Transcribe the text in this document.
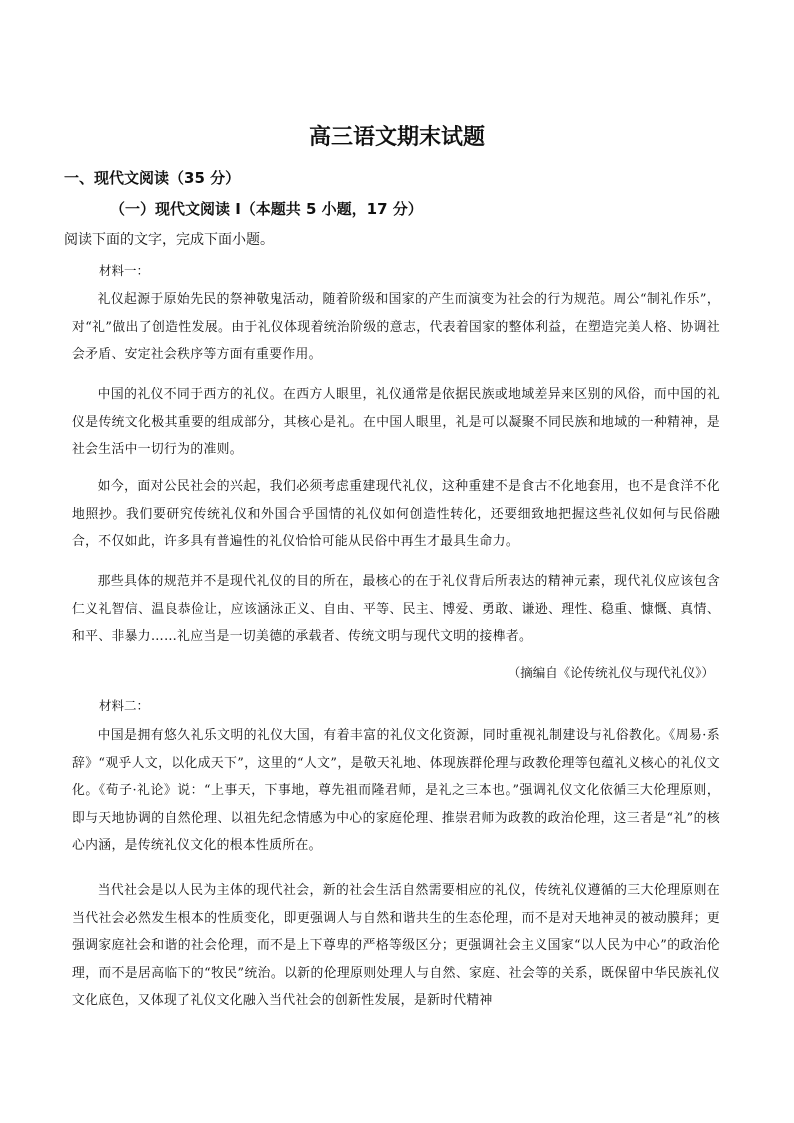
高三语文期末试题
一、现代文阅读（35 分）
（一）现代文阅读 I（本题共 5 小题，17 分）
阅读下面的文字，完成下面小题。
材料一：

礼仪起源于原始先民的祭神敬鬼活动，随着阶级和国家的产生而演变为社会的行为规范。周公“制礼作乐”，对“礼”做出了创造性发展。由于礼仪体现着统治阶级的意志，代表着国家的整体利益，在塑造完美人格、协调社会矛盾、安定社会秩序等方面有重要作用。

中国的礼仪不同于西方的礼仪。在西方人眼里，礼仪通常是依据民族或地域差异来区别的风俗，而中国的礼仪是传统文化极其重要的组成部分，其核心是礼。在中国人眼里，礼是可以凝聚不同民族和地域的一种精神，是社会生活中一切行为的准则。

如今，面对公民社会的兴起，我们必须考虑重建现代礼仪，这种重建不是食古不化地套用，也不是食洋不化地照抄。我们要研究传统礼仪和外国合乎国情的礼仪如何创造性转化，还要细致地把握这些礼仪如何与民俗融合，不仅如此，许多具有普遍性的礼仪恰恰可能从民俗中再生才最具生命力。

那些具体的规范并不是现代礼仪的目的所在，最核心的在于礼仪背后所表达的精神元素，现代礼仪应该包含仁义礼智信、温良恭俭让，应该涵泳正义、自由、平等、民主、博爱、勇敢、谦逊、理性、稳重、慷慨、真情、和平、非暴力……礼应当是一切美德的承载者、传统文明与现代文明的接榫者。

（摘编自《论传统礼仪与现代礼仪》）
材料二：

中国是拥有悠久礼乐文明的礼仪大国，有着丰富的礼仪文化资源，同时重视礼制建设与礼俗教化。《周易·系辞》“观乎人文，以化成天下”，这里的“人文”，是敬天礼地、体现族群伦理与政教伦理等包蕴礼义核心的礼仪文化。《荀子·礼论》说：“上事天，下事地，尊先祖而隆君师，是礼之三本也。”强调礼仪文化依循三大伦理原则，即与天地协调的自然伦理、以祖先纪念情感为中心的家庭伦理、推崇君师为政教的政治伦理，这三者是“礼”的核心内涵，是传统礼仪文化的根本性质所在。

当代社会是以人民为主体的现代社会，新的社会生活自然需要相应的礼仪，传统礼仪遵循的三大伦理原则在当代社会必然发生根本的性质变化，即更强调人与自然和谐共生的生态伦理，而不是对天地神灵的被动膜拜；更强调家庭社会和谐的社会伦理，而不是上下尊卑的严格等级区分；更强调社会主义国家“以人民为中心”的政治伦理，而不是居高临下的“牧民”统治。以新的伦理原则处理人与自然、家庭、社会等的关系，既保留中华民族礼仪文化底色，又体现了礼仪文化融入当代社会的创新性发展，是新时代精神
